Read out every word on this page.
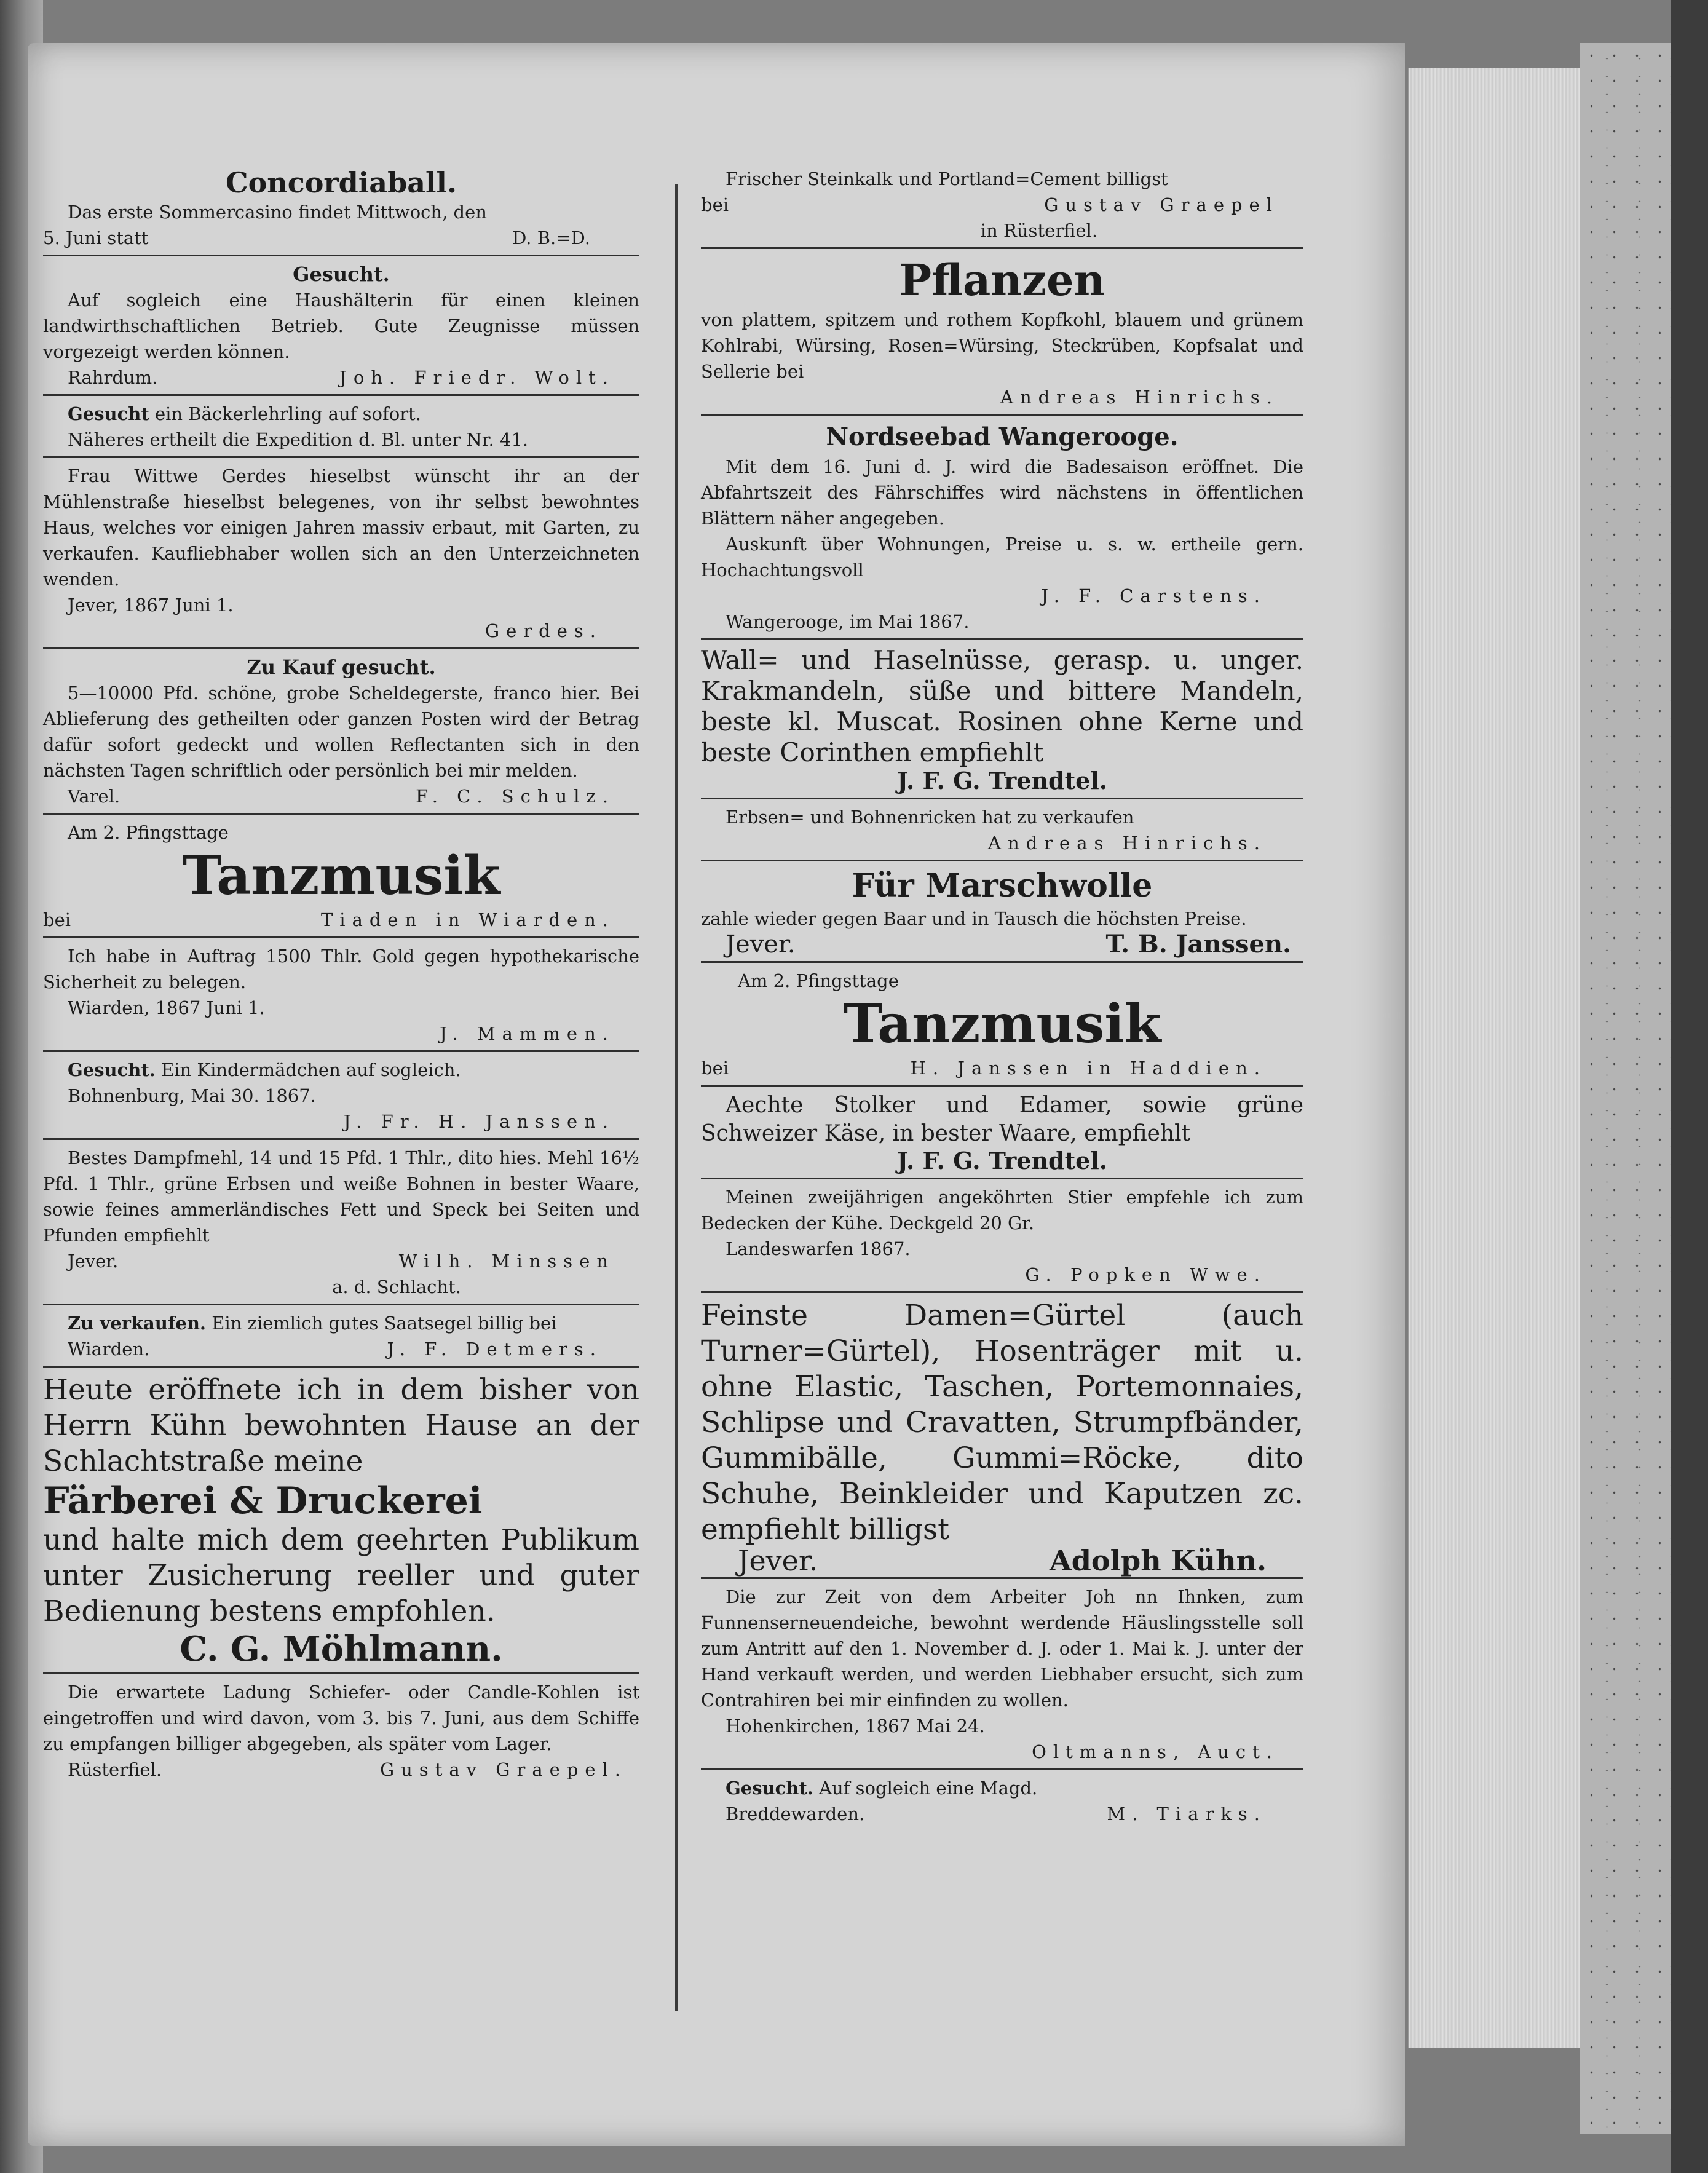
Concordiaball.

Das erste Sommercasino findet Mittwoch, den

5. Juni statt	D. B.=D.
Gesucht.

Auf sogleich eine Haushälterin für einen kleinen landwirthschaftlichen Betrieb. Gute Zeugnisse müssen vorgezeigt werden können.

Rahrdum.	Joh. Friedr. Wolt.

Gesucht ein Bäckerlehrling auf sofort.

Näheres ertheilt die Expedition d. Bl. unter Nr. 41.

Frau Wittwe Gerdes hieselbst wünscht ihr an der Mühlenstraße hieselbst belegenes, von ihr selbst bewohntes Haus, welches vor einigen Jahren massiv erbaut, mit Garten, zu verkaufen. Kaufliebhaber wollen sich an den Unterzeichneten wenden.

Jever, 1867 Juni 1.

Gerdes.
Zu Kauf gesucht.

5—10000 Pfd. schöne, grobe Scheldegerste, franco hier. Bei Ablieferung des getheilten oder ganzen Posten wird der Betrag dafür sofort gedeckt und wollen Reflectanten sich in den nächsten Tagen schriftlich oder persönlich bei mir melden.

Varel.	F. C. Schulz.

Am 2. Pfingsttage

Tanzmusik
bei	Tiaden in Wiarden.

Ich habe in Auftrag 1500 Thlr. Gold gegen hypothekarische Sicherheit zu belegen.

Wiarden, 1867 Juni 1.

J. Mammen.

Gesucht. Ein Kindermädchen auf sogleich.

Bohnenburg, Mai 30. 1867.

J. Fr. H. Janssen.

Bestes Dampfmehl, 14 und 15 Pfd. 1 Thlr., dito hies. Mehl 16½ Pfd. 1 Thlr., grüne Erbsen und weiße Bohnen in bester Waare, sowie feines ammerländisches Fett und Speck bei Seiten und Pfunden empfiehlt

Jever.	Wilh. Minssen
a. d. Schlacht.

Zu verkaufen. Ein ziemlich gutes Saatsegel billig bei

Wiarden.	J. F. Detmers.

Heute eröffnete ich in dem bisher von Herrn Kühn bewohnten Hause an der Schlachtstraße meine

Färberei & Druckerei

und halte mich dem geehrten Publikum unter Zusicherung reeller und guter Bedienung bestens empfohlen.

C. G. Möhlmann.

Die erwartete Ladung Schiefer- oder Candle-Kohlen ist eingetroffen und wird davon, vom 3. bis 7. Juni, aus dem Schiffe zu empfangen billiger abgegeben, als später vom Lager.

Rüsterfiel.	Gustav Graepel.

Frischer Steinkalk und Portland=Cement billigst

bei	Gustav Graepel
in Rüsterfiel.
Pflanzen

von plattem, spitzem und rothem Kopfkohl, blauem und grünem Kohlrabi, Würsing, Rosen=Würsing, Steckrüben, Kopfsalat und Sellerie bei

Andreas Hinrichs.
Nordseebad Wangerooge.

Mit dem 16. Juni d. J. wird die Badesaison eröffnet. Die Abfahrtszeit des Fährschiffes wird nächstens in öffentlichen Blättern näher angegeben.

Auskunft über Wohnungen, Preise u. s. w. ertheile gern. Hochachtungsvoll

J. F. Carstens.

Wangerooge, im Mai 1867.

Wall= und Haselnüsse, gerasp. u. unger. Krakmandeln, süße und bittere Mandeln, beste kl. Muscat. Rosinen ohne Kerne und beste Corinthen empfiehlt

J. F. G. Trendtel.

Erbsen= und Bohnenricken hat zu verkaufen

Andreas Hinrichs.
Für Marschwolle

zahle wieder gegen Baar und in Tausch die höchsten Preise.

Jever.	T. B. Janssen.

Am 2. Pfingsttage

Tanzmusik
bei	H. Janssen in Haddien.

Aechte Stolker und Edamer, sowie grüne Schweizer Käse, in bester Waare, empfiehlt

J. F. G. Trendtel.

Meinen zweijährigen angeköhrten Stier empfehle ich zum Bedecken der Kühe. Deckgeld 20 Gr.

Landeswarfen 1867.

G. Popken Wwe.

Feinste Damen=Gürtel (auch Turner=Gürtel), Hosenträger mit u. ohne Elastic, Taschen, Portemonnaies, Schlipse und Cravatten, Strumpfbänder, Gummibälle, Gummi=Röcke, dito Schuhe, Beinkleider und Kaputzen zc. empfiehlt billigst

Jever.	Adolph Kühn.

Die zur Zeit von dem Arbeiter Joh nn Ihnken, zum Funnenserneuendeiche, bewohnt werdende Häuslingsstelle soll zum Antritt auf den 1. November d. J. oder 1. Mai k. J. unter der Hand verkauft werden, und werden Liebhaber ersucht, sich zum Contrahiren bei mir einfinden zu wollen.

Hohenkirchen, 1867 Mai 24.

Oltmanns, Auct.

Gesucht. Auf sogleich eine Magd.

Breddewarden.	M. Tiarks.
